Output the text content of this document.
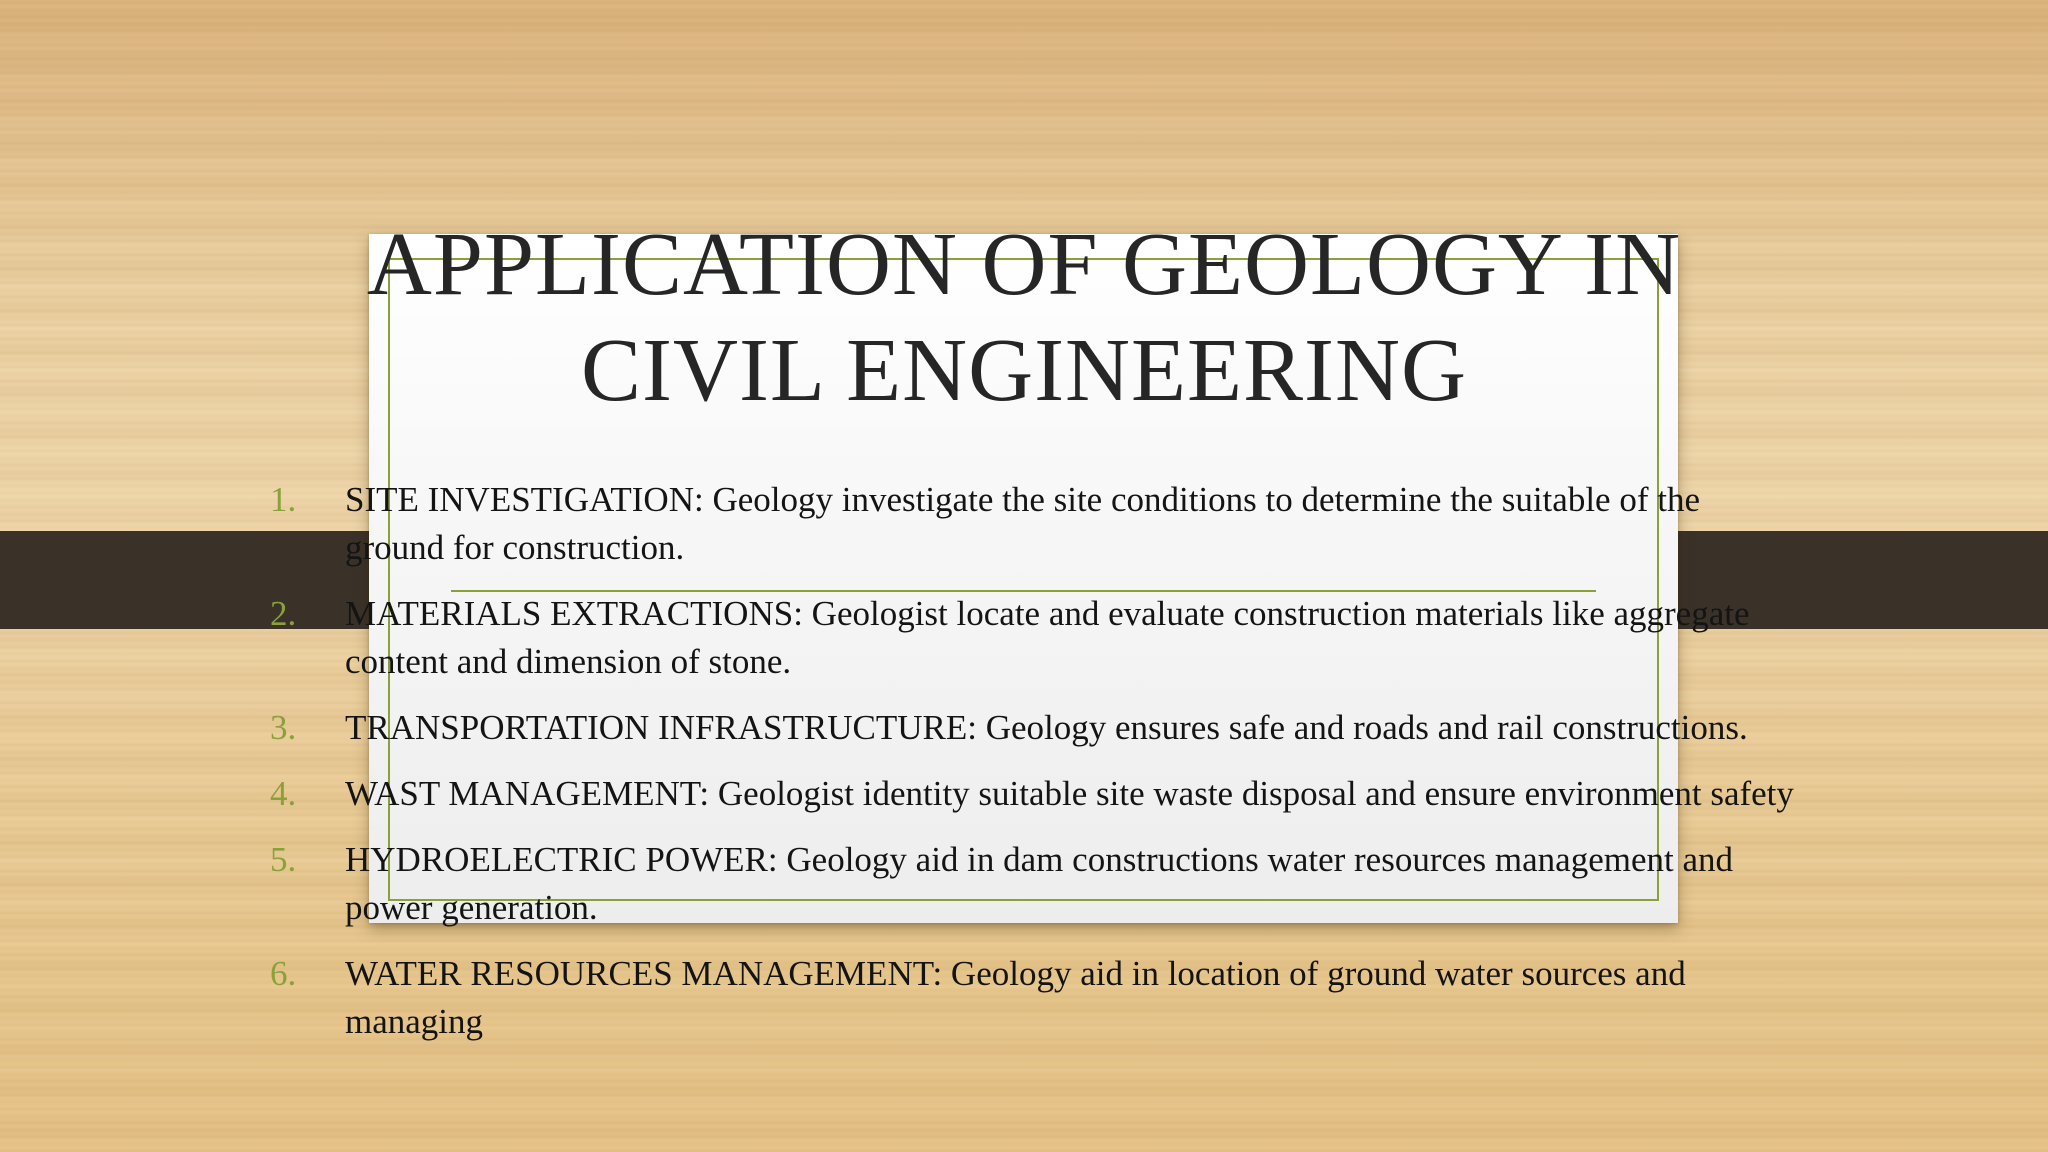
APPLICATION OF GEOLOGY IN
CIVIL ENGINEERING
1. SITE INVESTIGATION: Geology investigate the site conditions to determine the suitable of the ground for construction.
2. MATERIALS EXTRACTIONS: Geologist locate and evaluate construction materials like aggregate content and dimension of stone.
3. TRANSPORTATION INFRASTRUCTURE: Geology ensures safe and roads and rail constructions.
4. WAST MANAGEMENT: Geologist identity suitable site waste disposal and ensure environment safety
5. HYDROELECTRIC POWER: Geology aid in dam constructions water resources management and power generation.
6. WATER RESOURCES MANAGEMENT: Geology aid in location of ground water sources and managing
